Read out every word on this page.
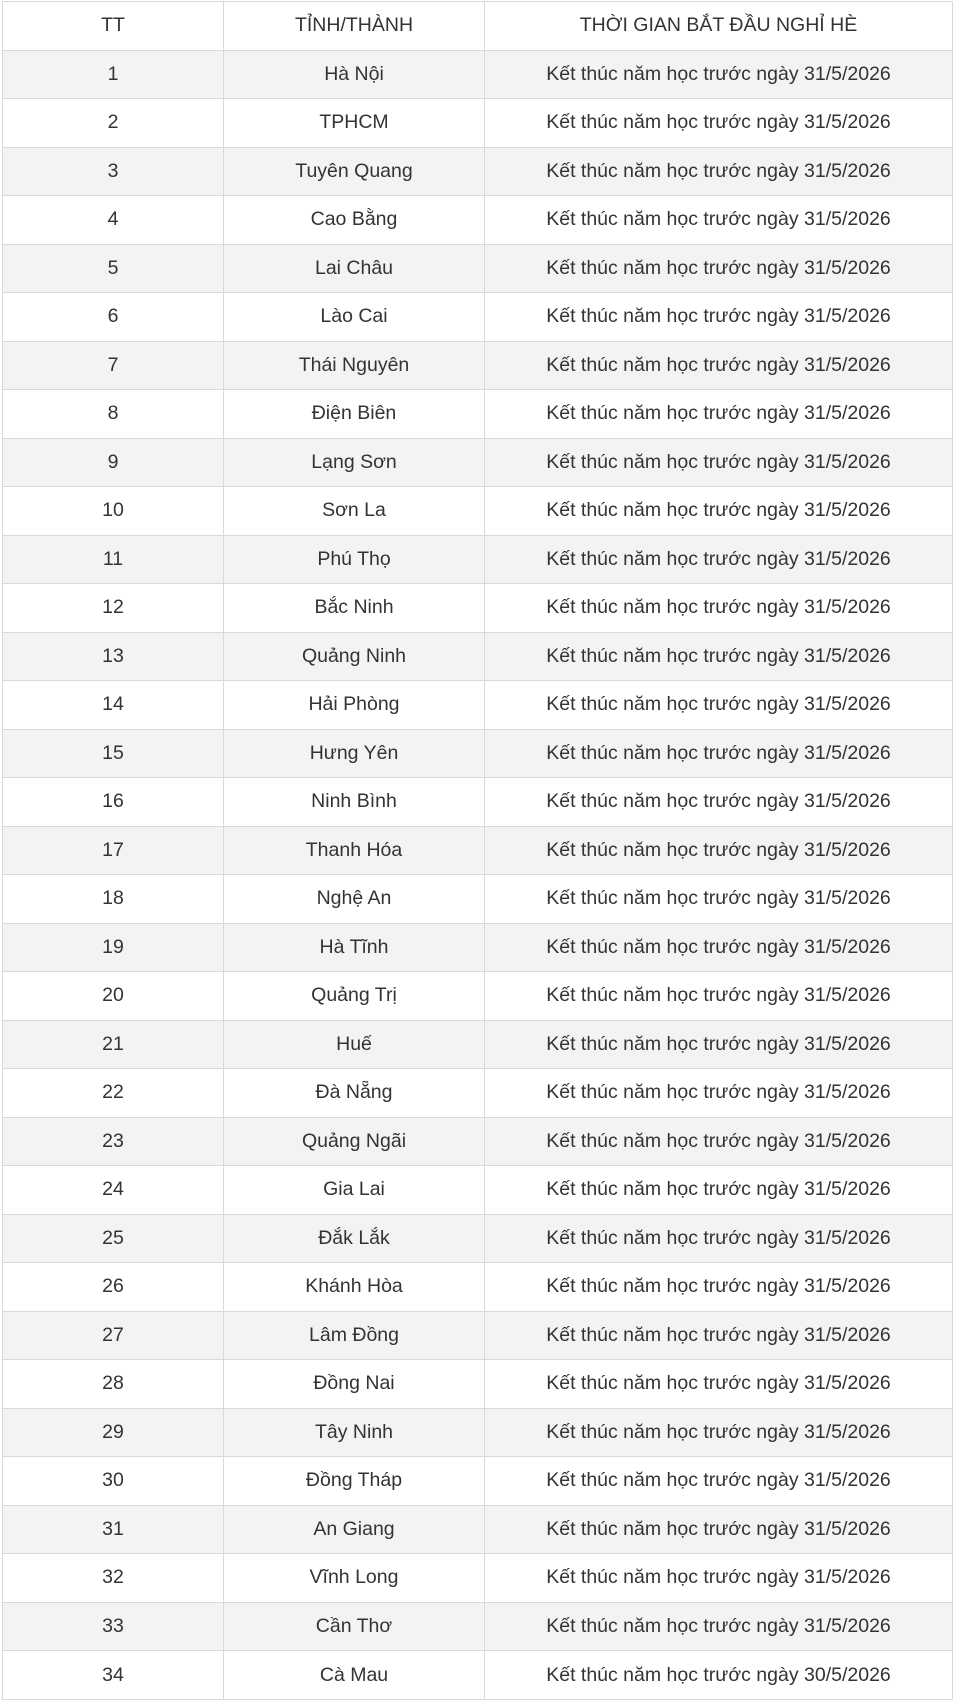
TT	TỈNH/THÀNH	THỜI GIAN BẮT ĐẦU NGHỈ HÈ
1	Hà Nội	Kết thúc năm học trước ngày 31/5/2026
2	TPHCM	Kết thúc năm học trước ngày 31/5/2026
3	Tuyên Quang	Kết thúc năm học trước ngày 31/5/2026
4	Cao Bằng	Kết thúc năm học trước ngày 31/5/2026
5	Lai Châu	Kết thúc năm học trước ngày 31/5/2026
6	Lào Cai	Kết thúc năm học trước ngày 31/5/2026
7	Thái Nguyên	Kết thúc năm học trước ngày 31/5/2026
8	Điện Biên	Kết thúc năm học trước ngày 31/5/2026
9	Lạng Sơn	Kết thúc năm học trước ngày 31/5/2026
10	Sơn La	Kết thúc năm học trước ngày 31/5/2026
11	Phú Thọ	Kết thúc năm học trước ngày 31/5/2026
12	Bắc Ninh	Kết thúc năm học trước ngày 31/5/2026
13	Quảng Ninh	Kết thúc năm học trước ngày 31/5/2026
14	Hải Phòng	Kết thúc năm học trước ngày 31/5/2026
15	Hưng Yên	Kết thúc năm học trước ngày 31/5/2026
16	Ninh Bình	Kết thúc năm học trước ngày 31/5/2026
17	Thanh Hóa	Kết thúc năm học trước ngày 31/5/2026
18	Nghệ An	Kết thúc năm học trước ngày 31/5/2026
19	Hà Tĩnh	Kết thúc năm học trước ngày 31/5/2026
20	Quảng Trị	Kết thúc năm học trước ngày 31/5/2026
21	Huế	Kết thúc năm học trước ngày 31/5/2026
22	Đà Nẵng	Kết thúc năm học trước ngày 31/5/2026
23	Quảng Ngãi	Kết thúc năm học trước ngày 31/5/2026
24	Gia Lai	Kết thúc năm học trước ngày 31/5/2026
25	Đắk Lắk	Kết thúc năm học trước ngày 31/5/2026
26	Khánh Hòa	Kết thúc năm học trước ngày 31/5/2026
27	Lâm Đồng	Kết thúc năm học trước ngày 31/5/2026
28	Đồng Nai	Kết thúc năm học trước ngày 31/5/2026
29	Tây Ninh	Kết thúc năm học trước ngày 31/5/2026
30	Đồng Tháp	Kết thúc năm học trước ngày 31/5/2026
31	An Giang	Kết thúc năm học trước ngày 31/5/2026
32	Vĩnh Long	Kết thúc năm học trước ngày 31/5/2026
33	Cần Thơ	Kết thúc năm học trước ngày 31/5/2026
34	Cà Mau	Kết thúc năm học trước ngày 30/5/2026
